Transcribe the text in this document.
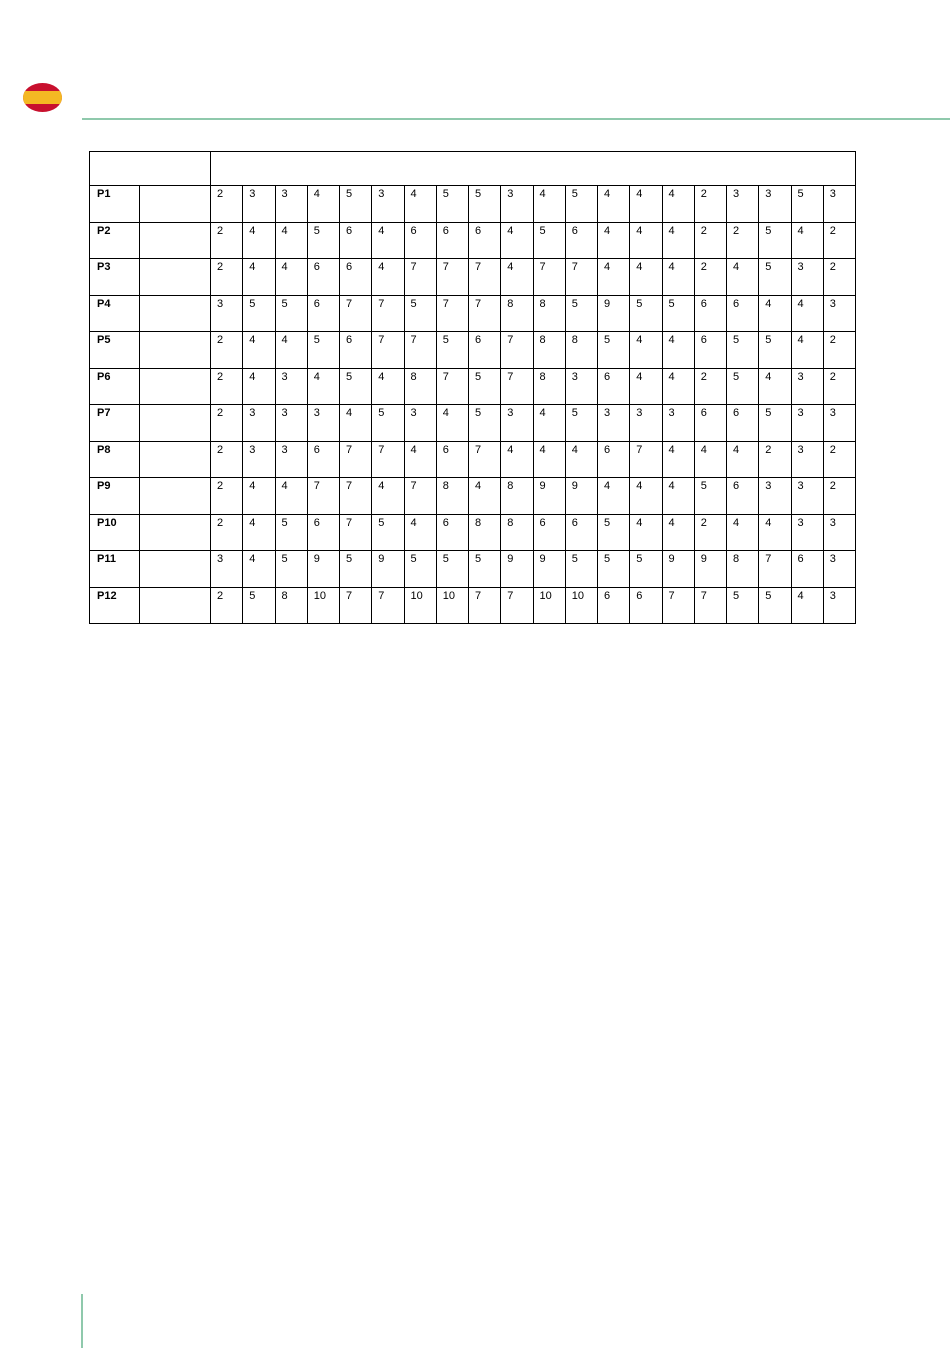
P1		2	3	3	4	5	3	4	5	5	3	4	5	4	4	4	2	3	3	5	3
P2		2	4	4	5	6	4	6	6	6	4	5	6	4	4	4	2	2	5	4	2
P3		2	4	4	6	6	4	7	7	7	4	7	7	4	4	4	2	4	5	3	2
P4		3	5	5	6	7	7	5	7	7	8	8	5	9	5	5	6	6	4	4	3
P5		2	4	4	5	6	7	7	5	6	7	8	8	5	4	4	6	5	5	4	2
P6		2	4	3	4	5	4	8	7	5	7	8	3	6	4	4	2	5	4	3	2
P7		2	3	3	3	4	5	3	4	5	3	4	5	3	3	3	6	6	5	3	3
P8		2	3	3	6	7	7	4	6	7	4	4	4	6	7	4	4	4	2	3	2
P9		2	4	4	7	7	4	7	8	4	8	9	9	4	4	4	5	6	3	3	2
P10		2	4	5	6	7	5	4	6	8	8	6	6	5	4	4	2	4	4	3	3
P11		3	4	5	9	5	9	5	5	5	9	9	5	5	5	9	9	8	7	6	3
P12		2	5	8	10	7	7	10	10	7	7	10	10	6	6	7	7	5	5	4	3
